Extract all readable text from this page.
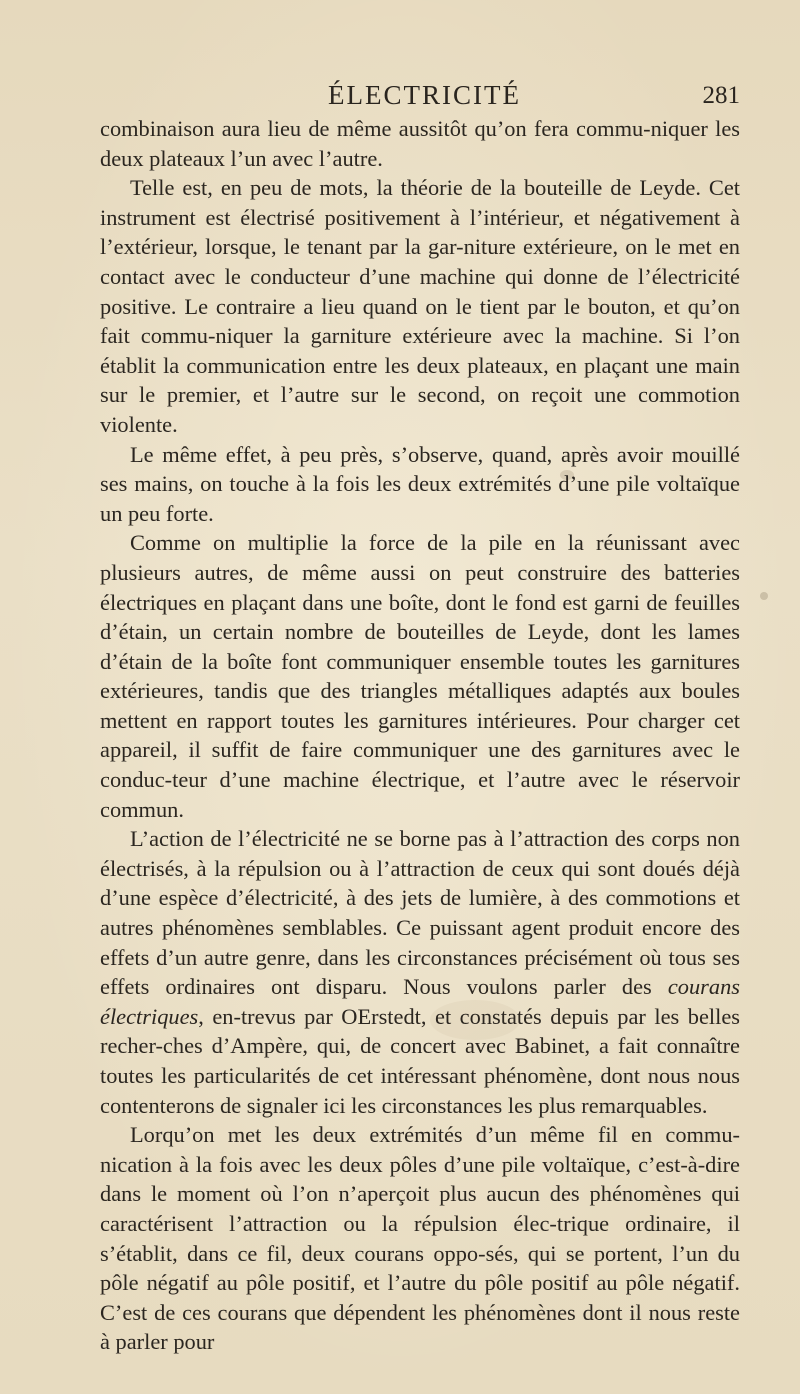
ÉLECTRICITÉ	281

combinaison aura lieu de même aussitôt qu’on fera commu-niquer les deux plateaux l’un avec l’autre.

Telle est, en peu de mots, la théorie de la bouteille de Leyde. Cet instrument est électrisé positivement à l’intérieur, et négativement à l’extérieur, lorsque, le tenant par la gar-niture extérieure, on le met en contact avec le conducteur d’une machine qui donne de l’électricité positive. Le contraire a lieu quand on le tient par le bouton, et qu’on fait commu-niquer la garniture extérieure avec la machine. Si l’on établit la communication entre les deux plateaux, en plaçant une main sur le premier, et l’autre sur le second, on reçoit une commotion violente.

Le même effet, à peu près, s’observe, quand, après avoir mouillé ses mains, on touche à la fois les deux extrémités d’une pile voltaïque un peu forte.

Comme on multiplie la force de la pile en la réunissant avec plusieurs autres, de même aussi on peut construire des batteries électriques en plaçant dans une boîte, dont le fond est garni de feuilles d’étain, un certain nombre de bouteilles de Leyde, dont les lames d’étain de la boîte font communiquer ensemble toutes les garnitures extérieures, tandis que des triangles métalliques adaptés aux boules mettent en rapport toutes les garnitures intérieures. Pour charger cet appareil, il suffit de faire communiquer une des garnitures avec le conduc-teur d’une machine électrique, et l’autre avec le réservoir commun.

L’action de l’électricité ne se borne pas à l’attraction des corps non électrisés, à la répulsion ou à l’attraction de ceux qui sont doués déjà d’une espèce d’électricité, à des jets de lumière, à des commotions et autres phénomènes semblables. Ce puissant agent produit encore des effets d’un autre genre, dans les circonstances précisément où tous ses effets ordinaires ont disparu. Nous voulons parler des courans électriques, en-trevus par OErstedt, et constatés depuis par les belles recher-ches d’Ampère, qui, de concert avec Babinet, a fait connaître toutes les particularités de cet intéressant phénomène, dont nous nous contenterons de signaler ici les circonstances les plus remarquables.

Lorqu’on met les deux extrémités d’un même fil en commu-nication à la fois avec les deux pôles d’une pile voltaïque, c’est-à-dire dans le moment où l’on n’aperçoit plus aucun des phénomènes qui caractérisent l’attraction ou la répulsion élec-trique ordinaire, il s’établit, dans ce fil, deux courans oppo-sés, qui se portent, l’un du pôle négatif au pôle positif, et l’autre du pôle positif au pôle négatif. C’est de ces courans que dépendent les phénomènes dont il nous reste à parler pour
